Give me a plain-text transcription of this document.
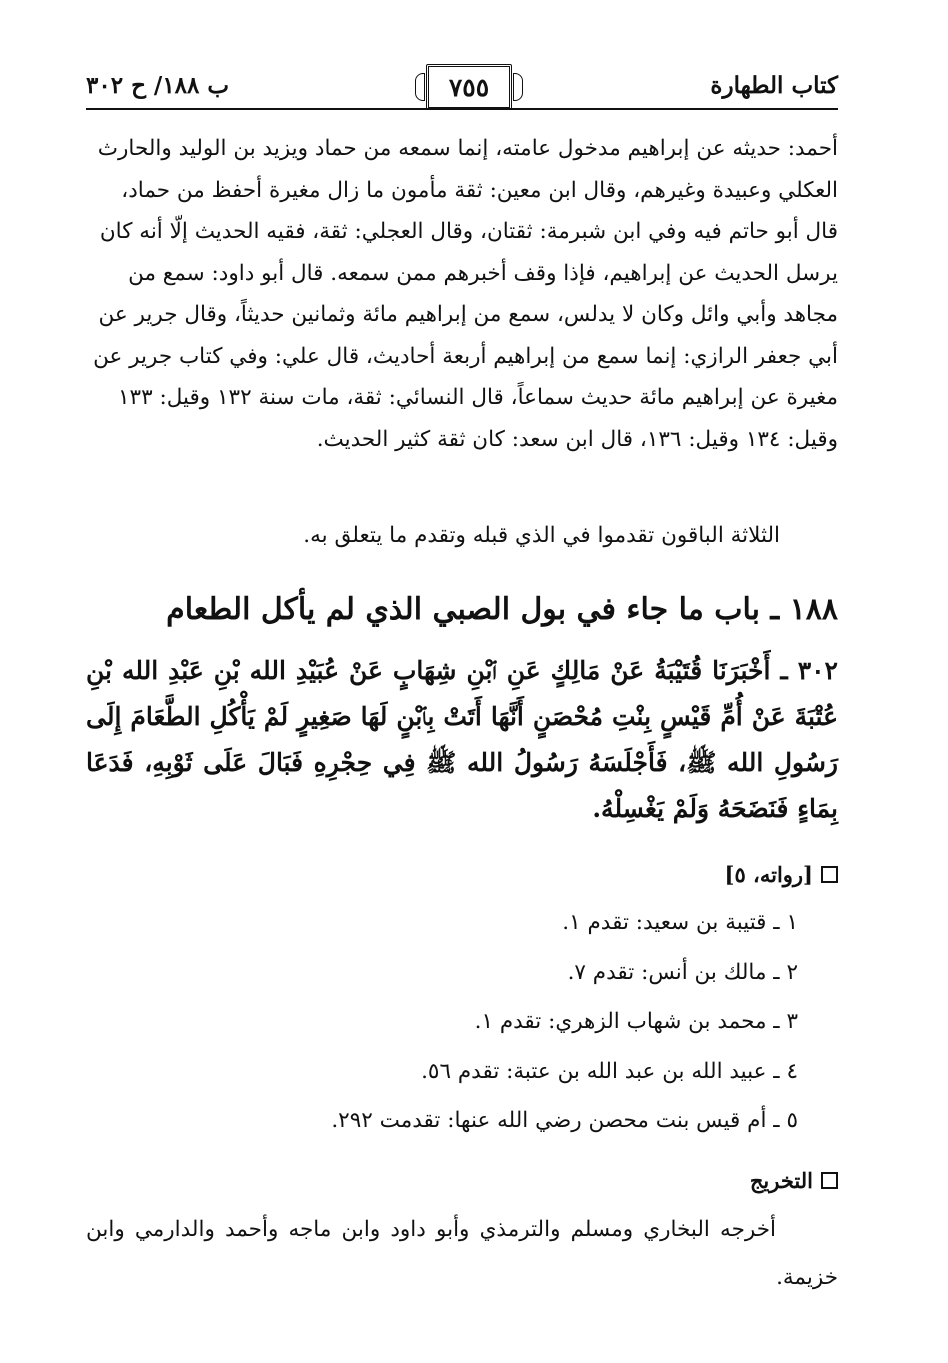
كتاب الطهارة
٧٥٥
ب ١٨٨/ ح ٣٠٢

أحمد: حديثه عن إبراهيم مدخول عامته، إنما سمعه من حماد ويزيد بن الوليد والحارث العكلي وعبيدة وغيرهم، وقال ابن معين: ثقة مأمون ما زال مغيرة أحفظ من حماد، قال أبو حاتم فيه وفي ابن شبرمة: ثقتان، وقال العجلي: ثقة، فقيه الحديث إلّا أنه كان يرسل الحديث عن إبراهيم، فإذا وقف أخبرهم ممن سمعه. قال أبو داود: سمع من مجاهد وأبي وائل وكان لا يدلس، سمع من إبراهيم مائة وثمانين حديثاً، وقال جرير عن أبي جعفر الرازي: إنما سمع من إبراهيم أربعة أحاديث، قال علي: وفي كتاب جرير عن مغيرة عن إبراهيم مائة حديث سماعاً، قال النسائي: ثقة، مات سنة ١٣٢ وقيل: ١٣٣ وقيل: ١٣٤ وقيل: ١٣٦، قال ابن سعد: كان ثقة كثير الحديث.

الثلاثة الباقون تقدموا في الذي قبله وتقدم ما يتعلق به.
١٨٨ ـ باب ما جاء في بول الصبي الذي لم يأكل الطعام

٣٠٢ ـ أَخْبَرَنَا قُتَيْبَةُ عَنْ مَالِكٍ عَنِ ٱبْنِ شِهَابٍ عَنْ عُبَيْدِ الله بْنِ عَبْدِ الله بْنِ عُتْبَةَ عَنْ أُمِّ قَيْسٍ بِنْتِ مُحْصَنٍ أَنَّهَا أَتَتْ بِٱبْنٍ لَهَا صَغِيرٍ لَمْ يَأْكُلِ الطَّعَامَ إِلَى رَسُولِ الله ﷺ، فَأَجْلَسَهُ رَسُولُ الله ﷺ فِي حِجْرِهِ فَبَالَ عَلَى ثَوْبِهِ، فَدَعَا بِمَاءٍ فَنَضَحَهُ وَلَمْ يَغْسِلْهُ.

[رواته، ٥]
١ ـ قتيبة بن سعيد: تقدم ١.
٢ ـ مالك بن أنس: تقدم ٧.
٣ ـ محمد بن شهاب الزهري: تقدم ١.
٤ ـ عبيد الله بن عبد الله بن عتبة: تقدم ٥٦.
٥ ـ أم قيس بنت محصن رضي الله عنها: تقدمت ٢٩٢.
التخريج

أخرجه البخاري ومسلم والترمذي وأبو داود وابن ماجه وأحمد والدارمي وابن خزيمة.
